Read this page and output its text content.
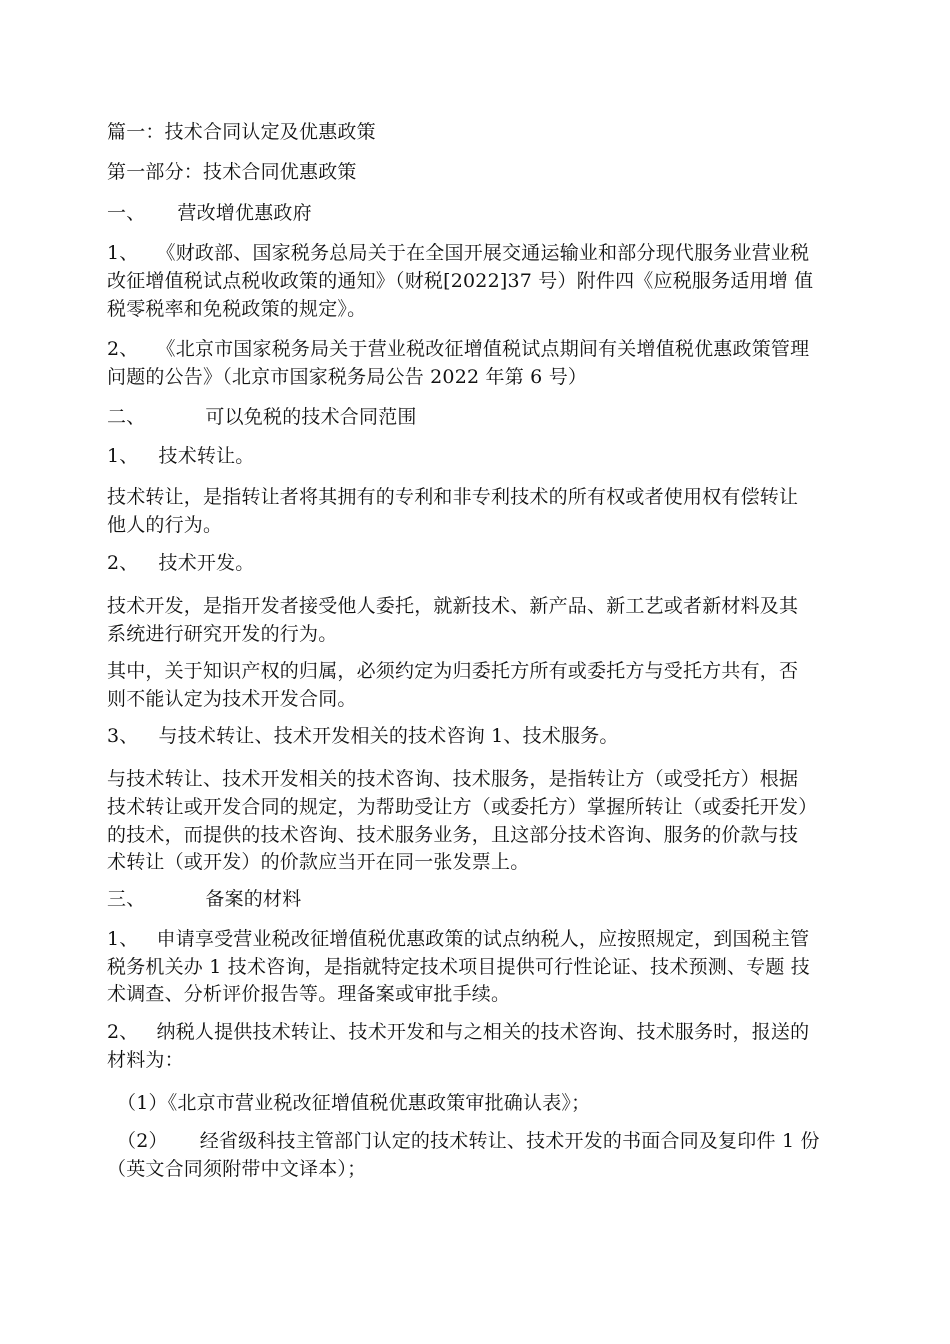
篇一：技术合同认定及优惠政策
第一部分：技术合同优惠政策
一、 营改增优惠政府
1、 《财政部、国家税务总局关于在全国开展交通运输业和部分现代服务业营业税
改征增值税试点税收政策的通知》（财税[2022]37 号）附件四《应税服务适用增 值
税零税率和免税政策的规定》。
2、 《北京市国家税务局关于营业税改征增值税试点期间有关增值税优惠政策管理
问题的公告》（北京市国家税务局公告 2022 年第 6 号）
二、	可以免税的技术合同范围
1、 技术转让。
技术转让，是指转让者将其拥有的专利和非专利技术的所有权或者使用权有偿转让
他人的行为。
2、 技术开发。
技术开发，是指开发者接受他人委托，就新技术、新产品、新工艺或者新材料及其
系统进行研究开发的行为。
其中，关于知识产权的归属，必须约定为归委托方所有或委托方与受托方共有，否
则不能认定为技术开发合同。
3、 与技术转让、技术开发相关的技术咨询 1、技术服务。
与技术转让、技术开发相关的技术咨询、技术服务，是指转让方（或受托方）根据
技术转让或开发合同的规定，为帮助受让方（或委托方）掌握所转让（或委托开发）
的技术，而提供的技术咨询、技术服务业务，且这部分技术咨询、服务的价款与技
术转让（或开发）的价款应当开在同一张发票上。
三、	备案的材料
1、 申请享受营业税改征增值税优惠政策的试点纳税人，应按照规定，到国税主管
税务机关办 1 技术咨询，是指就特定技术项目提供可行性论证、技术预测、专题 技
术调查、分析评价报告等。理备案或审批手续。
2、 纳税人提供技术转让、技术开发和与之相关的技术咨询、技术服务时，报送的
材料为：
（1）《北京市营业税改征增值税优惠政策审批确认表》；
（2） 经省级科技主管部门认定的技术转让、技术开发的书面合同及复印件 1 份
（英文合同须附带中文译本）；
